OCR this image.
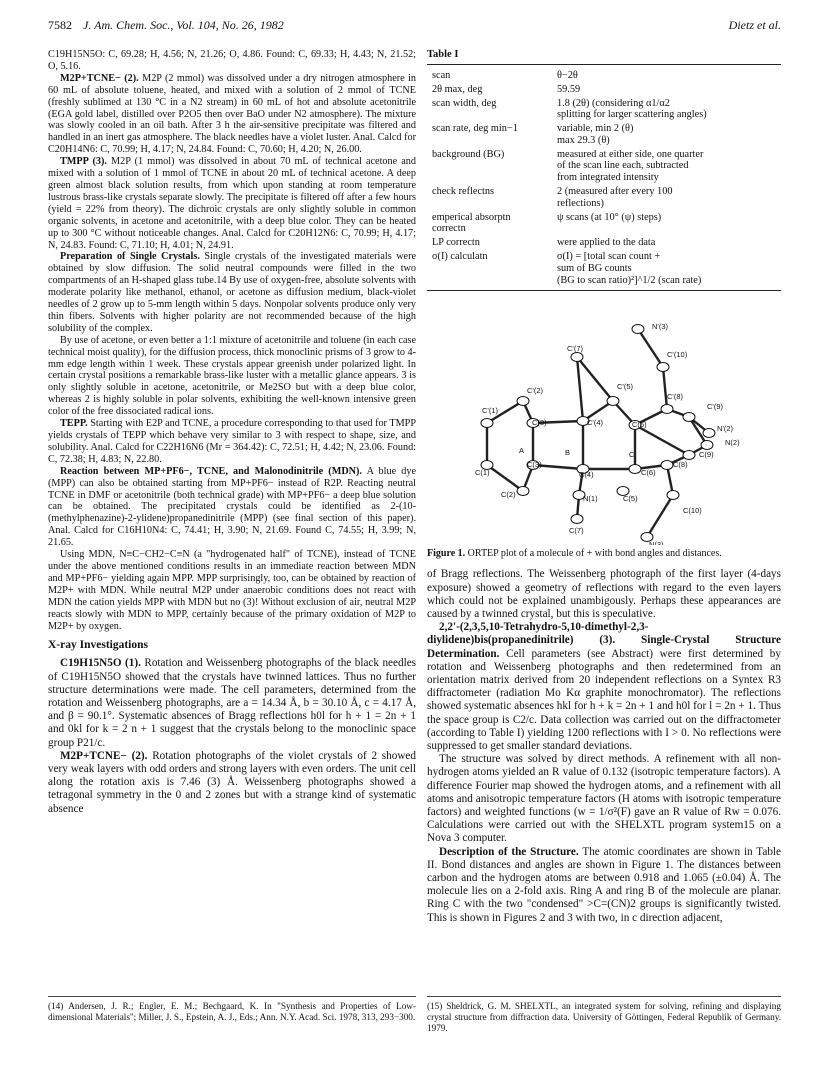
7582 J. Am. Chem. Soc., Vol. 104, No. 26, 1982	Dietz et al.

C19H15N5O: C, 69.28; H, 4.56; N, 21.26; O, 4.86. Found: C, 69.33; H, 4.43; N, 21.52; O, 5.16.

M2P+TCNE− (2). M2P (2 mmol) was dissolved under a dry nitrogen atmosphere in 60 mL of absolute toluene, heated, and mixed with a solution of 2 mmol of TCNE (freshly sublimed at 130 °C in a N2 stream) in 60 mL of hot and absolute acetonitrile (EGA gold label, distilled over P2O5 then over BaO under N2 atmosphere). The mixture was slowly cooled in an oil bath. After 3 h the air-sensitive precipitate was filtered and handled in an inert gas atmosphere. The black needles have a violet luster. Anal. Calcd for C20H14N6: C, 70.99; H, 4.17; N, 24.84. Found: C, 70.60; H, 4.20; N, 26.00.

TMPP (3). M2P (1 mmol) was dissolved in about 70 mL of technical acetone and mixed with a solution of 1 mmol of TCNE in about 20 mL of technical acetone. A deep green almost black solution results, from which upon standing at room temperature lustrous brass-like crystals separate slowly. The precipitate is filtered off after a few hours (yield = 22% from theory). The dichroic crystals are only slightly soluble in common organic solvents, in acetone and acetonitrile, with a deep blue color. They can be heated up to 300 °C without noticeable changes. Anal. Calcd for C20H12N6: C, 70.99; H, 4.17; N, 24.83. Found: C, 71.10; H, 4.01; N, 24.91.

Preparation of Single Crystals. Single crystals of the investigated materials were obtained by slow diffusion. The solid neutral compounds were filled in the two compartments of an H-shaped glass tube.14 By use of oxygen-free, absolute solvents with moderate polarity like methanol, ethanol, or acetone as diffusion medium, black-violet needles of 2 grow up to 5-mm length within 5 days. Nonpolar solvents produce only very thin fibers. Solvents with higher polarity are not recommended because of the high solubility of the complex.

By use of acetone, or even better a 1:1 mixture of acetonitrile and toluene (in each case technical moist quality), for the diffusion process, thick monoclinic prisms of 3 grow to 4-mm edge length within 1 week. These crystals appear greenish under polarized light. In certain crystal positions a remarkable brass-like luster with a metallic glance appears. 3 is only slightly soluble in acetone, acetonitrile, or Me2SO but with a deep blue color, whereas 2 is highly soluble in polar solvents, exhibiting the well-known intensive green color of the free dissociated radical ions.

TEPP. Starting with E2P and TCNE, a procedure corresponding to that used for TMPP yields crystals of TEPP which behave very similar to 3 with respect to shape, size, and solubility. Anal. Calcd for C22H16N6 (Mr = 364.42): C, 72.51; H, 4.42; N, 23.06. Found: C, 72.38; H, 4.83; N, 22.80.

Reaction between MP+PF6−, TCNE, and Malonodinitrile (MDN). A blue dye (MPP) can also be obtained starting from MP+PF6− instead of R2P. Reacting neutral TCNE in DMF or acetonitrile (both technical grade) with MP+PF6− a deep blue solution can be obtained. The precipitated crystals could be identified as 2-(10-(methylphenazine)-2-ylidene)propanedinitrile (MPP) (see final section of this paper). Anal. Calcd for C16H10N4: C, 74.41; H, 3.90; N, 21.69. Found C, 74.55; H, 3.99; N, 21.65.

Using MDN, N≡C−CH2−C≡N (a "hydrogenated half" of TCNE), instead of TCNE under the above mentioned conditions results in an immediate reaction between MDN and MP+PF6− yielding again MPP. MPP surprisingly, too, can be obtained by reaction of M2P+ with MDN. While neutral M2P under anaerobic conditions does not react with MDN the cation yields MPP with MDN but no (3)! Without exclusion of air, neutral M2P reacts slowly with MDN to MPP, certainly because of the primary oxidation of M2P to M2P+ by oxygen.

X-ray Investigations

C19H15N5O (1). Rotation and Weissenberg photographs of the black needles of C19H15N5O showed that the crystals have twinned lattices. Thus no further structure determinations were made. The cell parameters, determined from the rotation and Weissenberg photographs, are a = 14.34 Å, b = 30.10 Å, c = 4.17 Å, and β = 90.1°. Systematic absences of Bragg reflections h0l for h + 1 = 2n + 1 and 0kl for k = 2 n + 1 suggest that the crystals belong to the monoclinic space group P21/c.

M2P+TCNE− (2). Rotation photographs of the violet crystals of 2 showed very weak layers with odd orders and strong layers with even orders. The unit cell along the rotation axis is 7.46 (3) Å. Weissenberg photographs showed a tetragonal symmetry in the 0 and 2 zones but with a strange kind of systematic absence

Table I
scan	θ−2θ
2θ max, deg	59.59
scan width, deg	1.8 (2θ) (considering α1/α2
splitting for larger scattering angles)
scan rate, deg min−1	variable, min 2 (θ)
max 29.3 (θ)
background (BG)	measured at either side, one quarter
of the scan line each, subtracted
from integrated intensity
check reflectns	2 (measured after every 100
reflections)
emperical absorptn
correctn
ψ scans (at 10° (ψ) steps)
LP correctn	were applied to the data
σ(I) calculatn	σ(I) = [total scan count +
sum of BG counts
(BG to scan ratio)²]^1/2 (scan rate)
N'(3)
C'(7)
C'(10)
C'(2)	C'(5)
C'(8)
C'(1)
C(3)	C'(4)	C(6)
C'(9)
N'(2)
N(2)
A	B	C	C(9)
C(1)
C(3)
C(4)	C(6)
C(8)
N(1)
C(2)	C(5)
C(10)
C(7)
N(3)
Figure 1. ORTEP plot of a molecule of + with bond angles and distances.

of Bragg reflections. The Weissenberg photograph of the first layer (4-days exposure) showed a geometry of reflections with regard to the even layers which could not be explained unambigously. Perhaps these appearances are caused by a twinned crystal, but this is speculative.

2,2'-(2,3,5,10-Tetrahydro-5,10-dimethyl-2,3-diylidene)bis(propanedinitrile) (3). Single-Crystal Structure Determination. Cell parameters (see Abstract) were first determined by rotation and Weissenberg photographs and then redetermined from an orientation matrix derived from 20 independent reflections on a Syntex R3 diffractometer (radiation Mo Kα graphite monochromator). The reflections showed systematic absences hkl for h + k = 2n + 1 and h0l for l = 2n + 1. Thus the space group is C2/c. Data collection was carried out on the diffractometer (according to Table I) yielding 1200 reflections with I > 0. No reflections were suppressed to get smaller standard deviations.

The structure was solved by direct methods. A refinement with all non-hydrogen atoms yielded an R value of 0.132 (isotropic temperature factors). A difference Fourier map showed the hydrogen atoms, and a refinement with all atoms and anisotropic temperature factors (H atoms with isotropic temperature factors) and weighted functions (w = 1/σ²(F) gave an R value of Rw = 0.076. Calculations were carried out with the SHELXTL program system15 on a Nova 3 computer.

Description of the Structure. The atomic coordinates are shown in Table II. Bond distances and angles are shown in Figure 1. The distances between carbon and the hydrogen atoms are between 0.918 and 1.065 (±0.04) Å. The molecule lies on a 2-fold axis. Ring A and ring B of the molecule are planar. Ring C with the two "condensed" >C=(CN)2 groups is significantly twisted. This is shown in Figures 2 and 3 with two, in c direction adjacent,

(14) Andersen, J. R.; Engler, E. M.; Bechgaard, K. In "Synthesis and Properties of Low-dimensional Materials"; Miller, J. S., Epstein, A. J., Eds.; Ann. N.Y. Acad. Sci. 1978, 313, 293−300.
(15) Sheldrick, G. M. SHELXTL, an integrated system for solving, refining and displaying crystal structure from diffraction data. University of Göttingen, Federal Republik of Germany. 1979.
